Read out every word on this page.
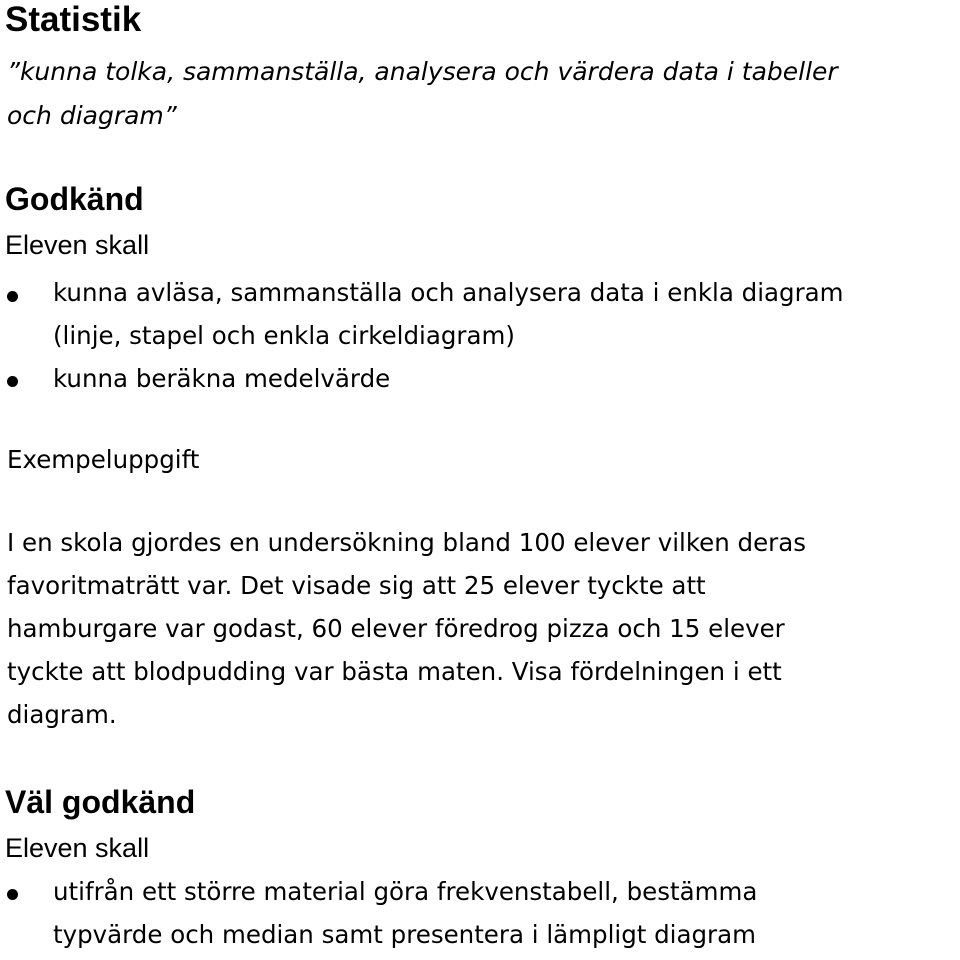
Statistik

”kunna tolka, sammanställa, analysera och värdera data i tabeller

och diagram”

Godkänd

Eleven skall

kunna avläsa, sammanställa och analysera data i enkla diagram

(linje, stapel och enkla cirkeldiagram)

kunna beräkna medelvärde

Exempeluppgift

I en skola gjordes en undersökning bland 100 elever vilken deras

favoritmaträtt var. Det visade sig att 25 elever tyckte att

hamburgare var godast, 60 elever föredrog pizza och 15 elever

tyckte att blodpudding var bästa maten. Visa fördelningen i ett

diagram.

Väl godkänd

Eleven skall

utifrån ett större material göra frekvenstabell, bestämma

typvärde och median samt presentera i lämpligt diagram
